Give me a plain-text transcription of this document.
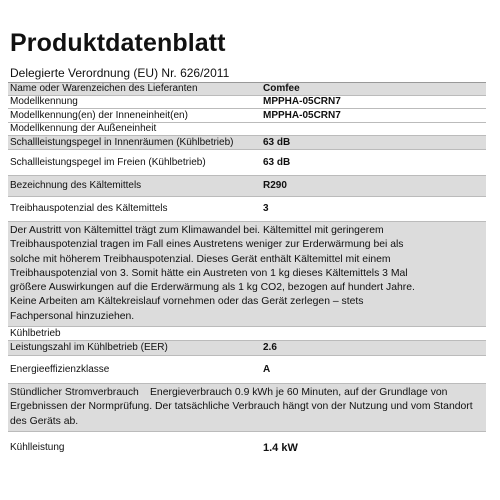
Produktdatenblatt
Delegierte Verordnung (EU) Nr. 626/2011
Name oder Warenzeichen des Lieferanten	Comfee
Modellkennung	MPPHA-05CRN7
Modellkennung(en) der Inneneinheit(en)	MPPHA-05CRN7
Modellkennung der Außeneinheit
Schallleistungspegel in Innenräumen (Kühlbetrieb)	63 dB
Schallleistungspegel im Freien (Kühlbetrieb)	63 dB
Bezeichnung des Kältemittels	R290
Treibhauspotenzial des Kältemittels	3
Der Austritt von Kältemittel trägt zum Klimawandel bei. Kältemittel mit geringerem
Treibhauspotenzial tragen im Fall eines Austretens weniger zur Erderwärmung bei als
solche mit höherem Treibhauspotenzial. Dieses Gerät enthält Kältemittel mit einem
Treibhauspotenzial von 3. Somit hätte ein Austreten von 1 kg dieses Kältemittels 3 Mal
größere Auswirkungen auf die Erderwärmung als 1 kg CO2, bezogen auf hundert Jahre.
Keine Arbeiten am Kältekreislauf vornehmen oder das Gerät zerlegen – stets
Fachpersonal hinzuziehen.
Kühlbetrieb
Leistungszahl im Kühlbetrieb (EER)	2.6
Energieeffizienzklasse	A
Stündlicher Stromverbrauch Energieverbrauch 0.9 kWh je 60 Minuten, auf der Grundlage von
Ergebnissen der Normprüfung. Der tatsächliche Verbrauch hängt von der Nutzung und vom Standort
des Geräts ab.
Kühlleistung	1.4 kW
